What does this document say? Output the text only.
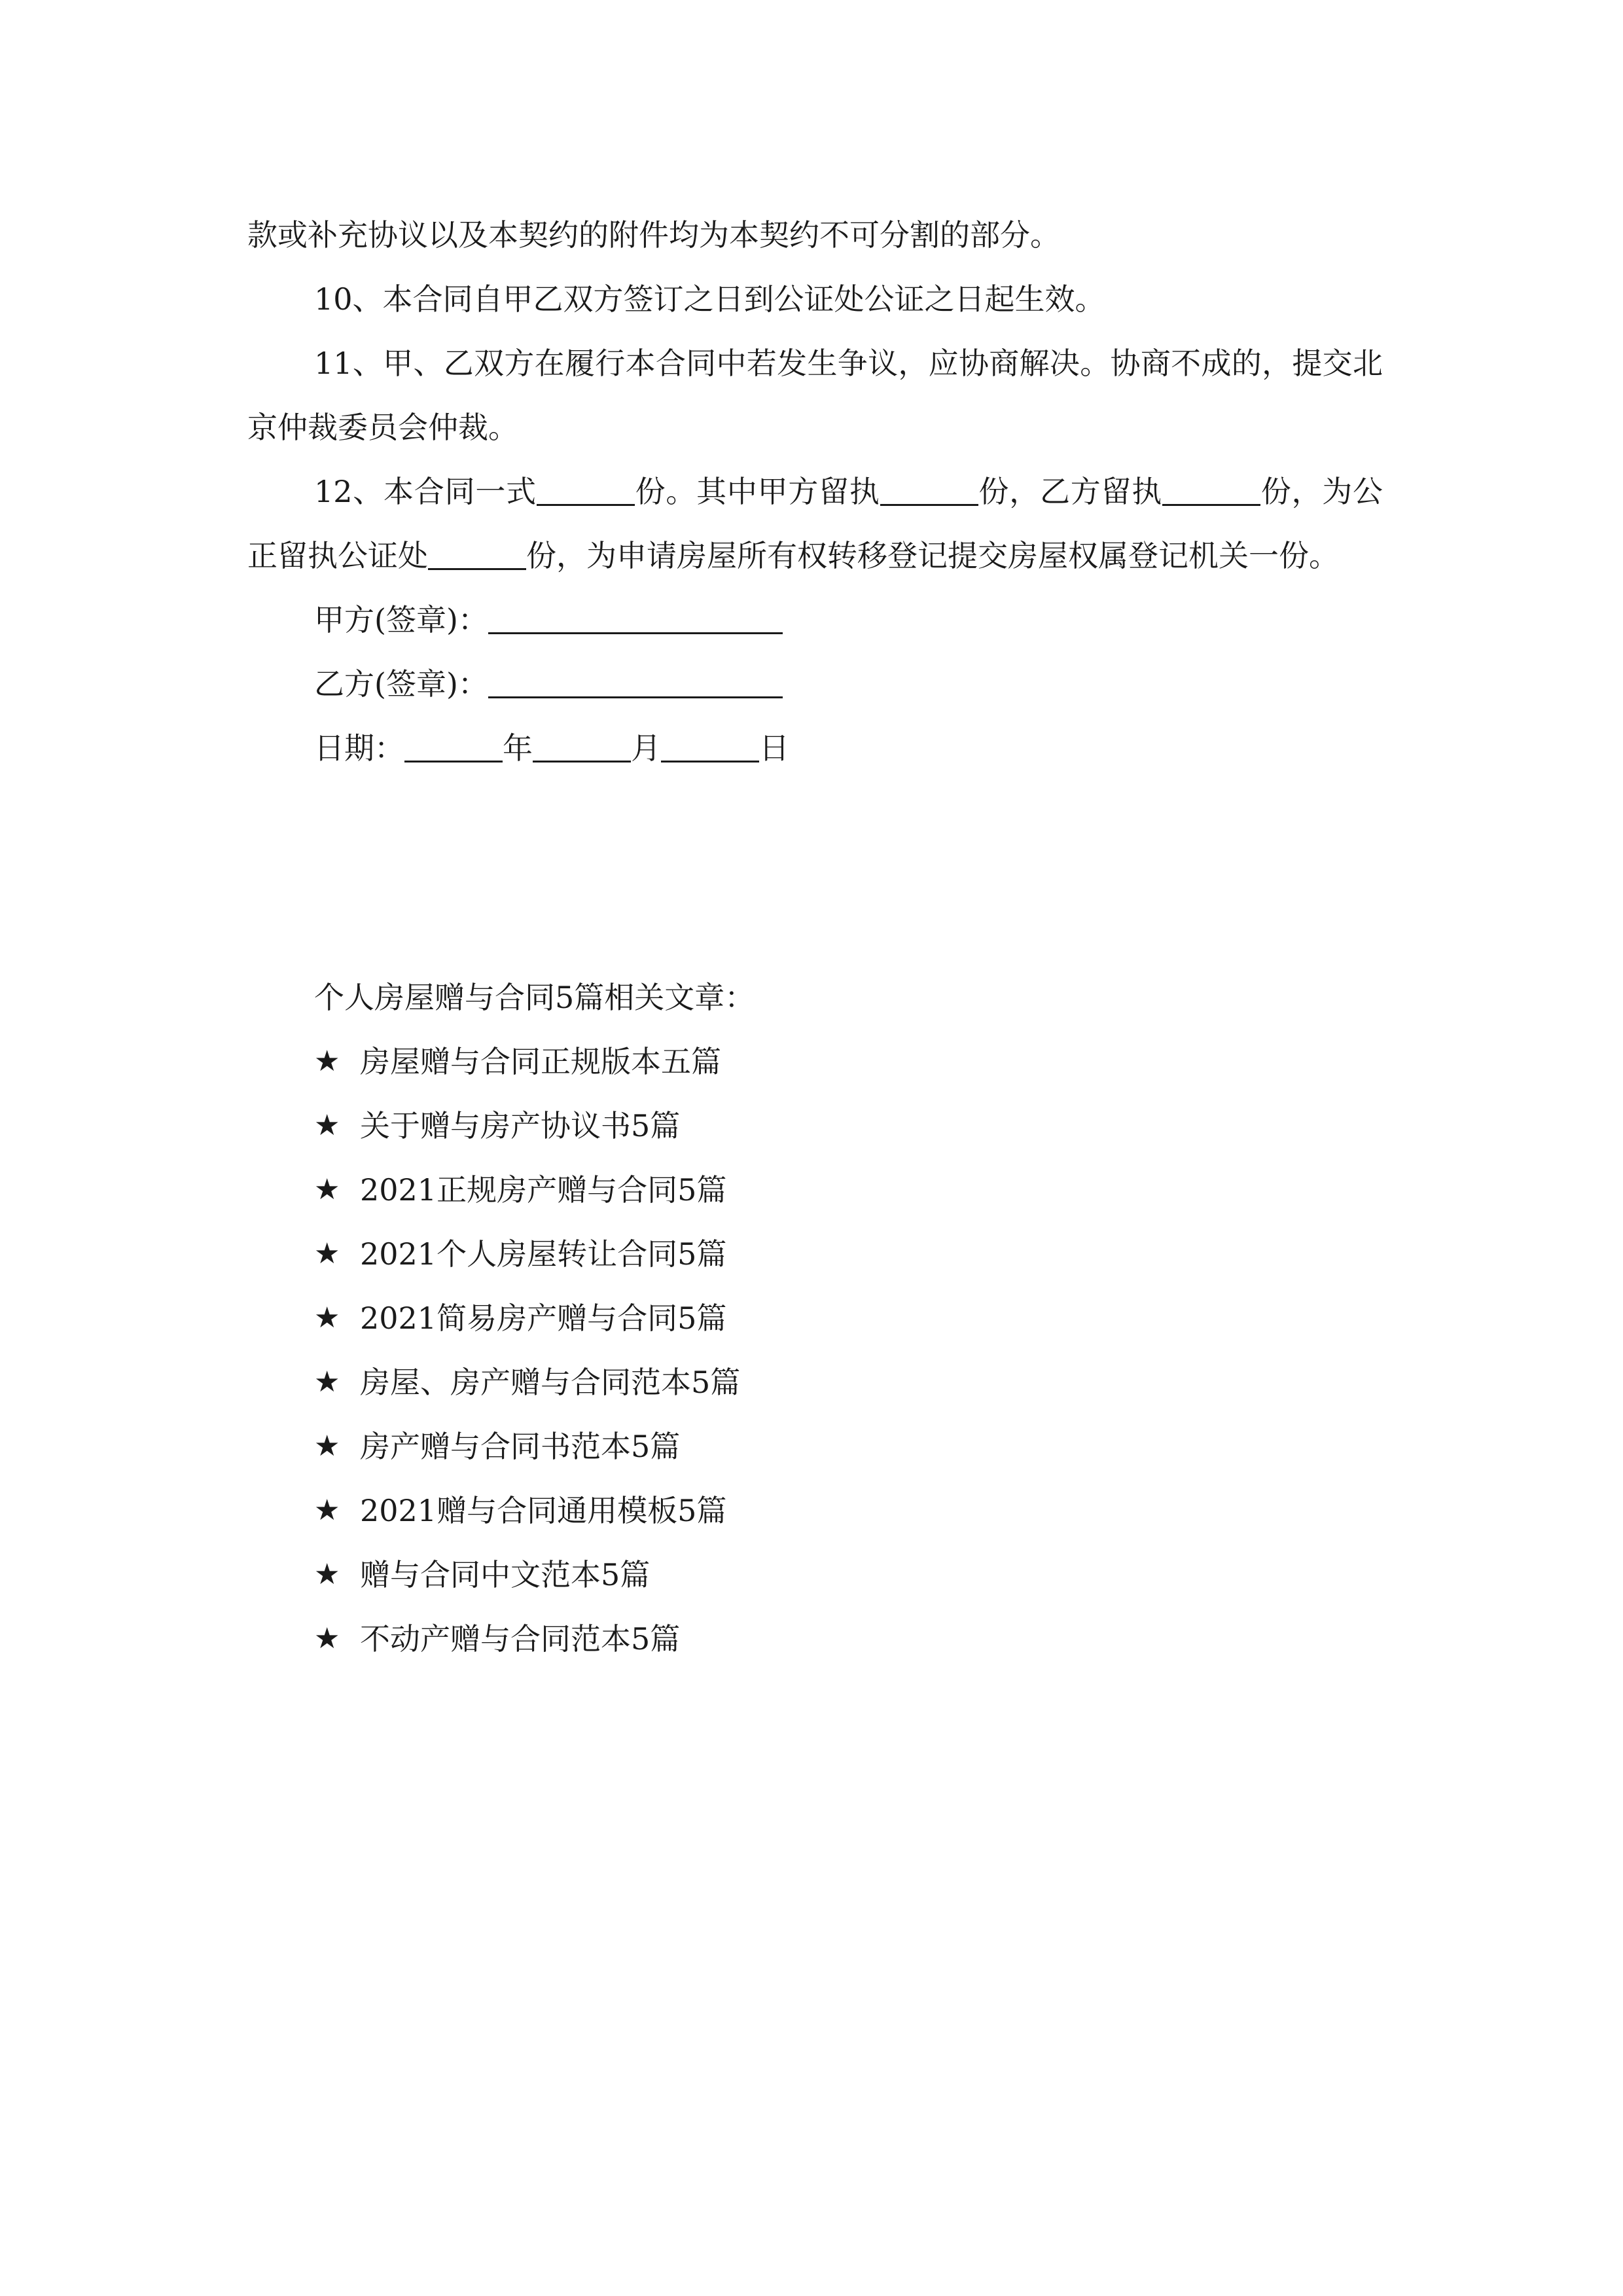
款或补充协议以及本契约的附件均为本契约不可分割的部分。

10、本合同自甲乙双方签订之日到公证处公证之日起生效。

11、甲、乙双方在履行本合同中若发生争议，应协商解决。协商不成的，提交北京仲裁委员会仲裁。

12、本合同一式	份。其中甲方留执	份，乙方留执	份，为公正留执公证处	份，为申请房屋所有权转移登记提交房屋权属登记机关一份。

甲方(签章)：

乙方(签章)：

日期：	年	月	日

个人房屋赠与合同5篇相关文章：

★ 房屋赠与合同正规版本五篇
★ 关于赠与房产协议书5篇
★ 2021正规房产赠与合同5篇
★ 2021个人房屋转让合同5篇
★ 2021简易房产赠与合同5篇
★ 房屋、房产赠与合同范本5篇
★ 房产赠与合同书范本5篇
★ 2021赠与合同通用模板5篇
★ 赠与合同中文范本5篇
★ 不动产赠与合同范本5篇
